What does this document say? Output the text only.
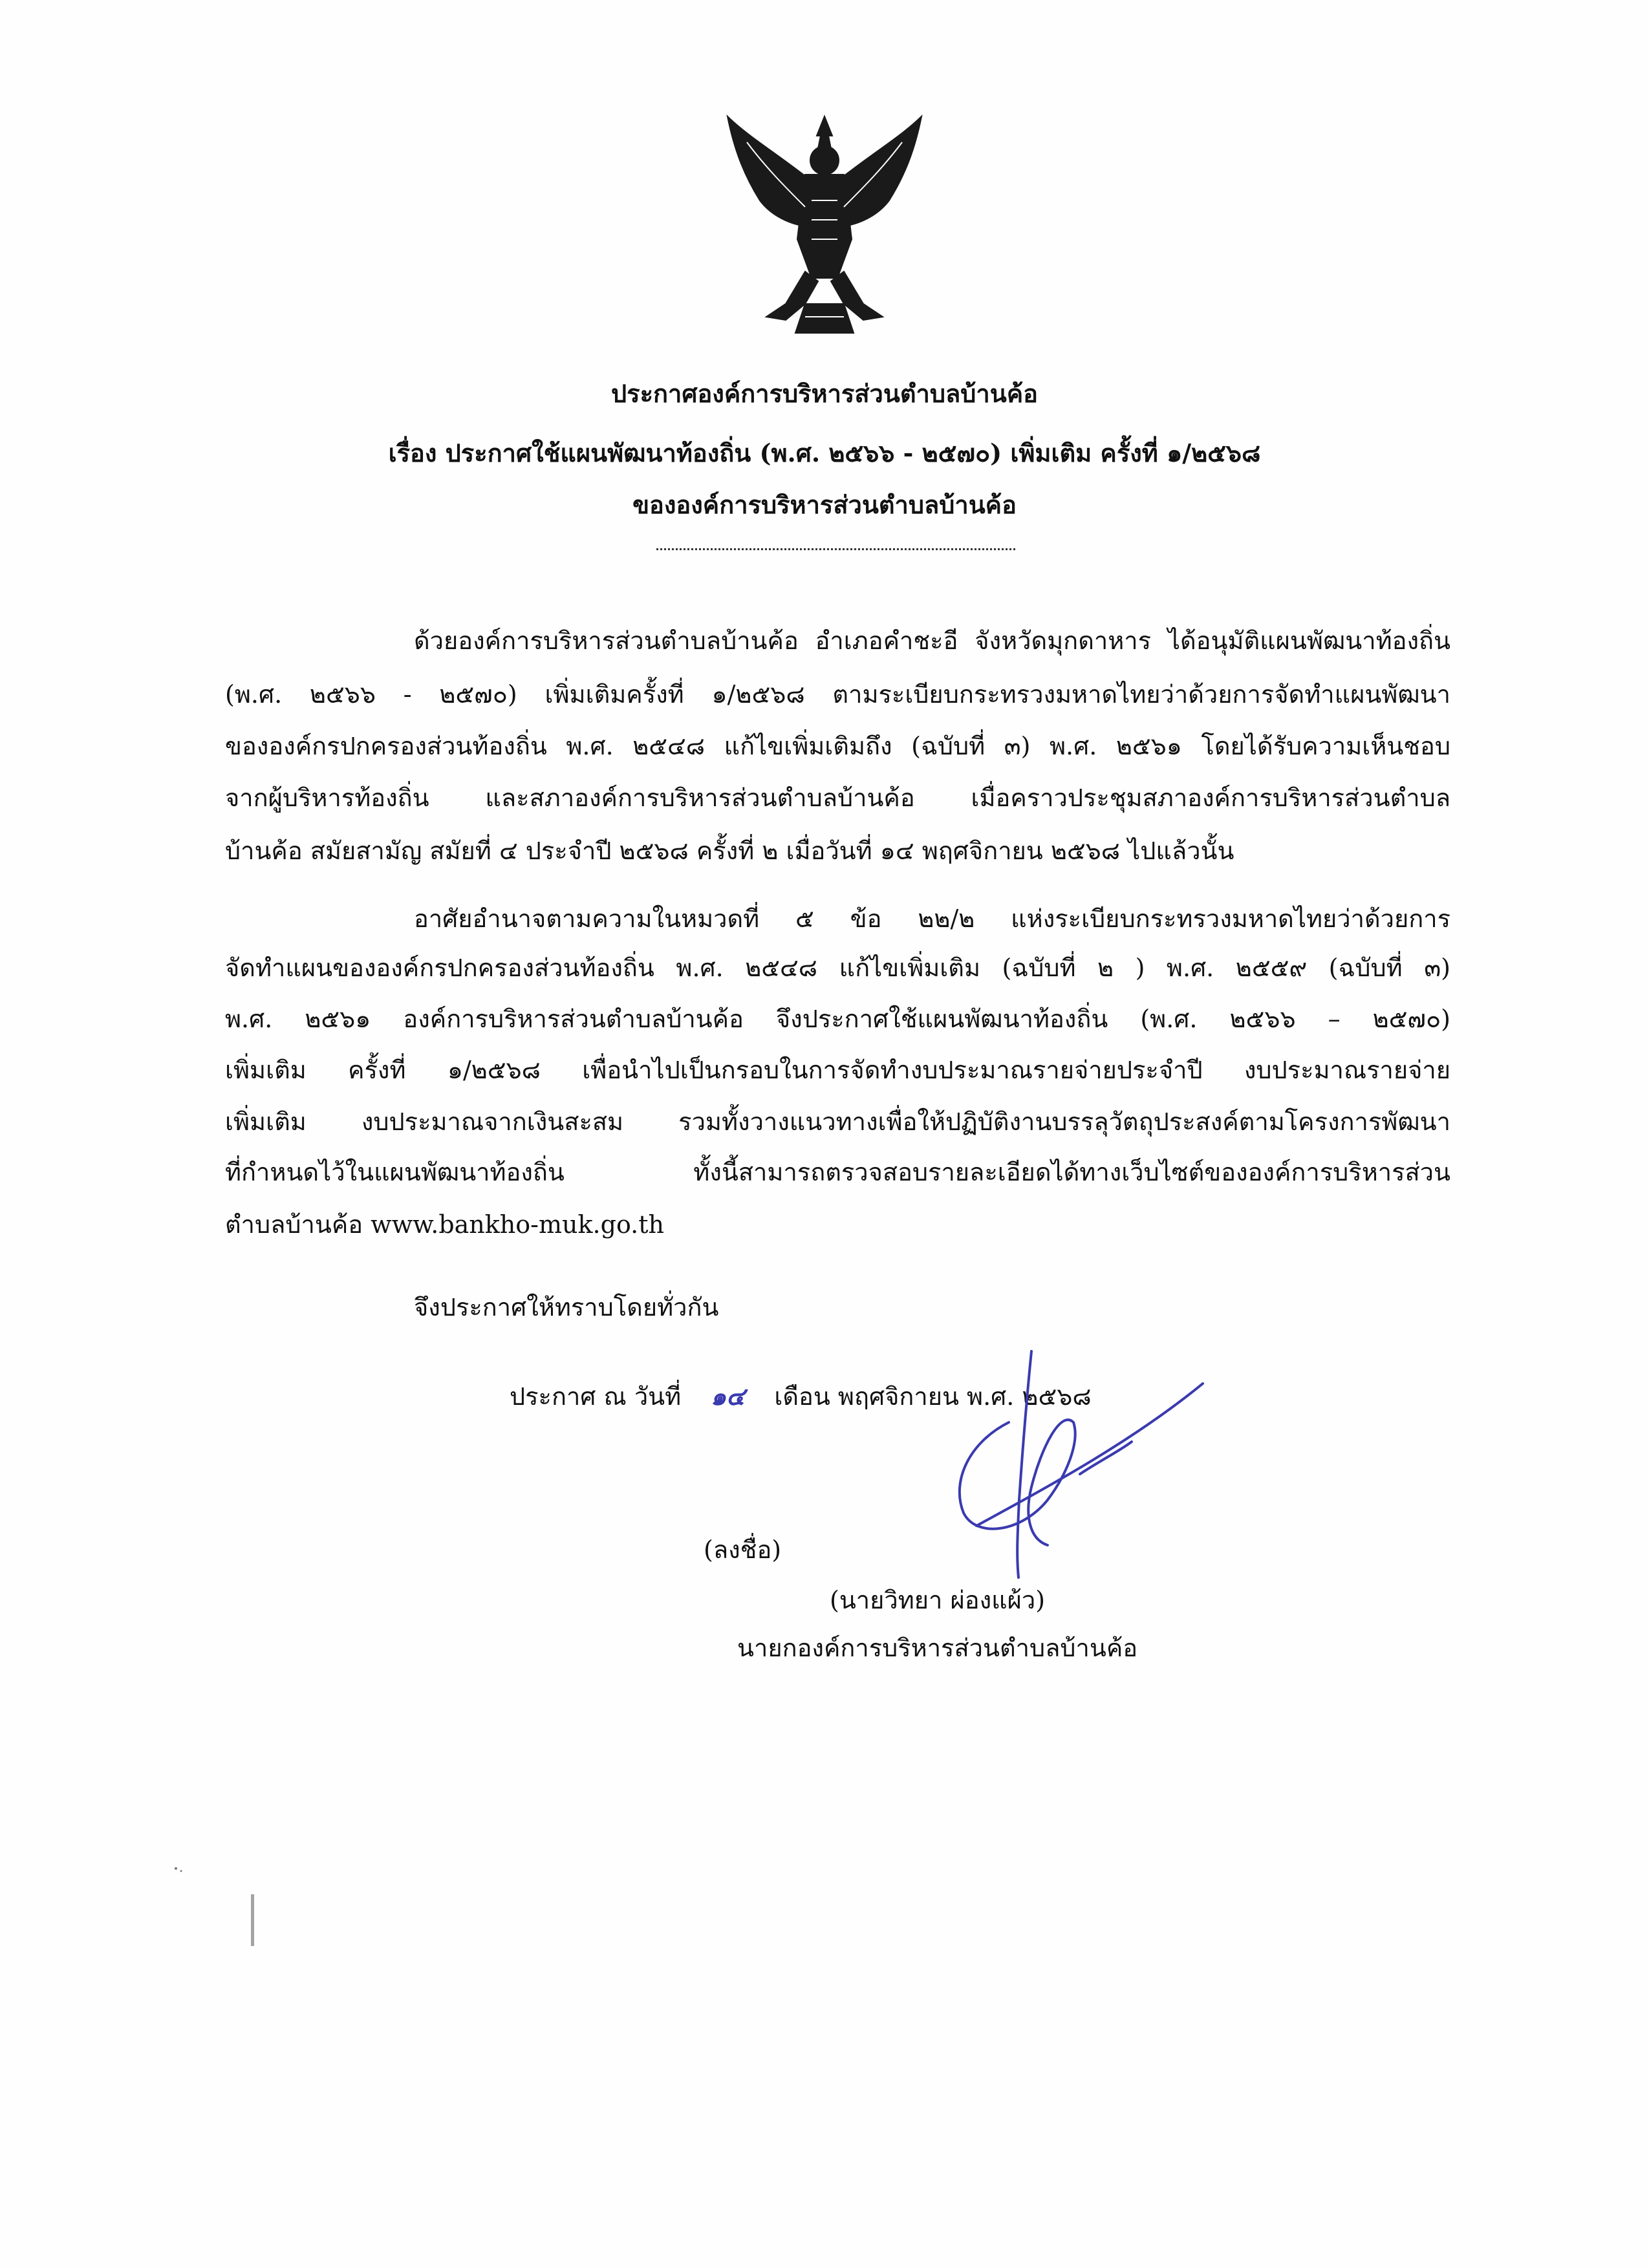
ประกาศองค์การบริหารส่วนตำบลบ้านค้อ
เรื่อง ประกาศใช้แผนพัฒนาท้องถิ่น (พ.ศ. ๒๕๖๖ - ๒๕๗๐) เพิ่มเติม ครั้งที่ ๑/๒๕๖๘
ขององค์การบริหารส่วนตำบลบ้านค้อ
ด้วยองค์การบริหารส่วนตำบลบ้านค้อ อำเภอคำชะอี จังหวัดมุกดาหาร ได้อนุมัติแผนพัฒนาท้องถิ่น
(พ.ศ. ๒๕๖๖ - ๒๕๗๐) เพิ่มเติมครั้งที่ ๑/๒๕๖๘ ตามระเบียบกระทรวงมหาดไทยว่าด้วยการจัดทำแผนพัฒนา
ขององค์กรปกครองส่วนท้องถิ่น พ.ศ. ๒๕๔๘ แก้ไขเพิ่มเติมถึง (ฉบับที่ ๓) พ.ศ. ๒๕๖๑ โดยได้รับความเห็นชอบ
จากผู้บริหารท้องถิ่น และสภาองค์การบริหารส่วนตำบลบ้านค้อ เมื่อคราวประชุมสภาองค์การบริหารส่วนตำบล
บ้านค้อ สมัยสามัญ สมัยที่ ๔ ประจำปี ๒๕๖๘ ครั้งที่ ๒ เมื่อวันที่ ๑๔ พฤศจิกายน ๒๕๖๘ ไปแล้วนั้น
อาศัยอำนาจตามความในหมวดที่ ๕ ข้อ ๒๒/๒ แห่งระเบียบกระทรวงมหาดไทยว่าด้วยการ
จัดทำแผนขององค์กรปกครองส่วนท้องถิ่น พ.ศ. ๒๕๔๘ แก้ไขเพิ่มเติม (ฉบับที่ ๒ ) พ.ศ. ๒๕๕๙ (ฉบับที่ ๓)
พ.ศ. ๒๕๖๑ องค์การบริหารส่วนตำบลบ้านค้อ จึงประกาศใช้แผนพัฒนาท้องถิ่น (พ.ศ. ๒๕๖๖ – ๒๕๗๐)
เพิ่มเติม ครั้งที่ ๑/๒๕๖๘ เพื่อนำไปเป็นกรอบในการจัดทำงบประมาณรายจ่ายประจำปี งบประมาณรายจ่าย
เพิ่มเติม งบประมาณจากเงินสะสม รวมทั้งวางแนวทางเพื่อให้ปฏิบัติงานบรรลุวัตถุประสงค์ตามโครงการพัฒนา
ที่กำหนดไว้ในแผนพัฒนาท้องถิ่น ทั้งนี้สามารถตรวจสอบรายละเอียดได้ทางเว็บไซต์ขององค์การบริหารส่วน
ตำบลบ้านค้อ www.bankho-muk.go.th
จึงประกาศให้ทราบโดยทั่วกัน
ประกาศ ณ วันที่ ๑๔ เดือน พฤศจิกายน พ.ศ. ๒๕๖๘
(ลงชื่อ)
(นายวิทยา ผ่องแผ้ว)
นายกองค์การบริหารส่วนตำบลบ้านค้อ
